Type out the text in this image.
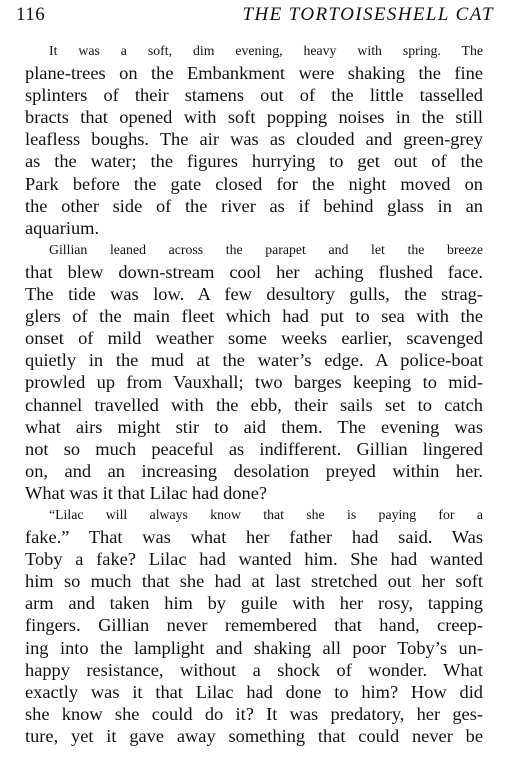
116	THE TORTOISESHELL CAT
It was a soft, dim evening, heavy with spring. The
plane-trees on the Embankment were shaking the fine
splinters of their stamens out of the little tasselled
bracts that opened with soft popping noises in the still
leafless boughs. The air was as clouded and green-grey
as the water; the figures hurrying to get out of the
Park before the gate closed for the night moved on
the other side of the river as if behind glass in an
aquarium.
Gillian leaned across the parapet and let the breeze
that blew down-stream cool her aching flushed face.
The tide was low. A few desultory gulls, the strag-
glers of the main fleet which had put to sea with the
onset of mild weather some weeks earlier, scavenged
quietly in the mud at the water’s edge. A police-boat
prowled up from Vauxhall; two barges keeping to mid-
channel travelled with the ebb, their sails set to catch
what airs might stir to aid them. The evening was
not so much peaceful as indifferent. Gillian lingered
on, and an increasing desolation preyed within her.
What was it that Lilac had done?
“Lilac will always know that she is paying for a
fake.” That was what her father had said. Was
Toby a fake? Lilac had wanted him. She had wanted
him so much that she had at last stretched out her soft
arm and taken him by guile with her rosy, tapping
fingers. Gillian never remembered that hand, creep-
ing into the lamplight and shaking all poor Toby’s un-
happy resistance, without a shock of wonder. What
exactly was it that Lilac had done to him? How did
she know she could do it? It was predatory, her ges-
ture, yet it gave away something that could never be
